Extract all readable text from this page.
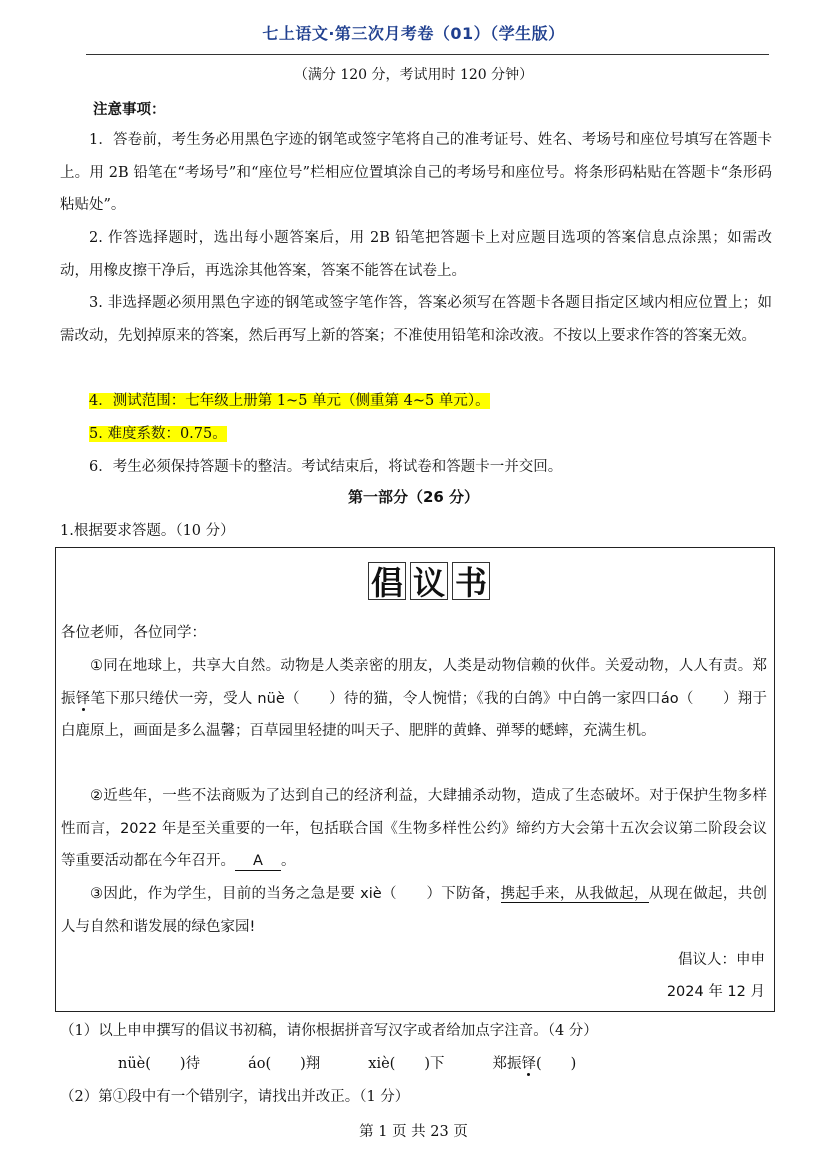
七上语文·第三次月考卷（01）（学生版）
（满分 120 分，考试用时 120 分钟）
注意事项：

1．答卷前，考生务必用黑色字迹的钢笔或签字笔将自己的准考证号、姓名、考场号和座位号填写在答题卡上。用 2B 铅笔在“考场号”和“座位号”栏相应位置填涂自己的考场号和座位号。将条形码粘贴在答题卡“条形码粘贴处”。

2. 作答选择题时，选出每小题答案后，用 2B 铅笔把答题卡上对应题目选项的答案信息点涂黑；如需改动，用橡皮擦干净后，再选涂其他答案，答案不能答在试卷上。

3. 非选择题必须用黑色字迹的钢笔或签字笔作答，答案必须写在答题卡各题目指定区域内相应位置上；如需改动，先划掉原来的答案，然后再写上新的答案；不准使用铅笔和涂改液。不按以上要求作答的答案无效。

4．测试范围：七年级上册第 1~5 单元（侧重第 4~5 单元）。

5. 难度系数：0.75。

6．考生必须保持答题卡的整洁。考试结束后，将试卷和答题卡一并交回。

第一部分（26 分）
1.根据要求答题。（10 分）
倡 议 书
各位老师，各位同学：

①同在地球上，共享大自然。动物是人类亲密的朋友，人类是动物信赖的伙伴。关爱动物，人人有责。郑振铎笔下那只绻伏一旁，受人 nüè（　　）待的猫，令人惋惜；《我的白鸽》中白鸽一家四口áo（　　）翔于白鹿原上，画面是多么温馨；百草园里轻捷的叫天子、肥胖的黄蜂、弹琴的蟋蟀，充满生机。

②近些年，一些不法商贩为了达到自己的经济利益，大肆捕杀动物，造成了生态破坏。对于保护生物多样性而言，2022 年是至关重要的一年，包括联合国《生物多样性公约》缔约方大会第十五次会议第二阶段会议等重要活动都在今年召开。 A 。

③因此，作为学生，目前的当务之急是要 xiè（　　）下防备，携起手来，从我做起，从现在做起，共创人与自然和谐发展的绿色家园!

倡议人：申申
2024 年 12 月
（1）以上申申撰写的倡议书初稿，请你根据拼音写汉字或者给加点字注音。（4 分）
nüè(　　)待	áo(　　)翔	xiè(　　)下	郑振铎(　　)
（2）第①段中有一个错别字，请找出并改正。（1 分）
第 1 页 共 23 页
